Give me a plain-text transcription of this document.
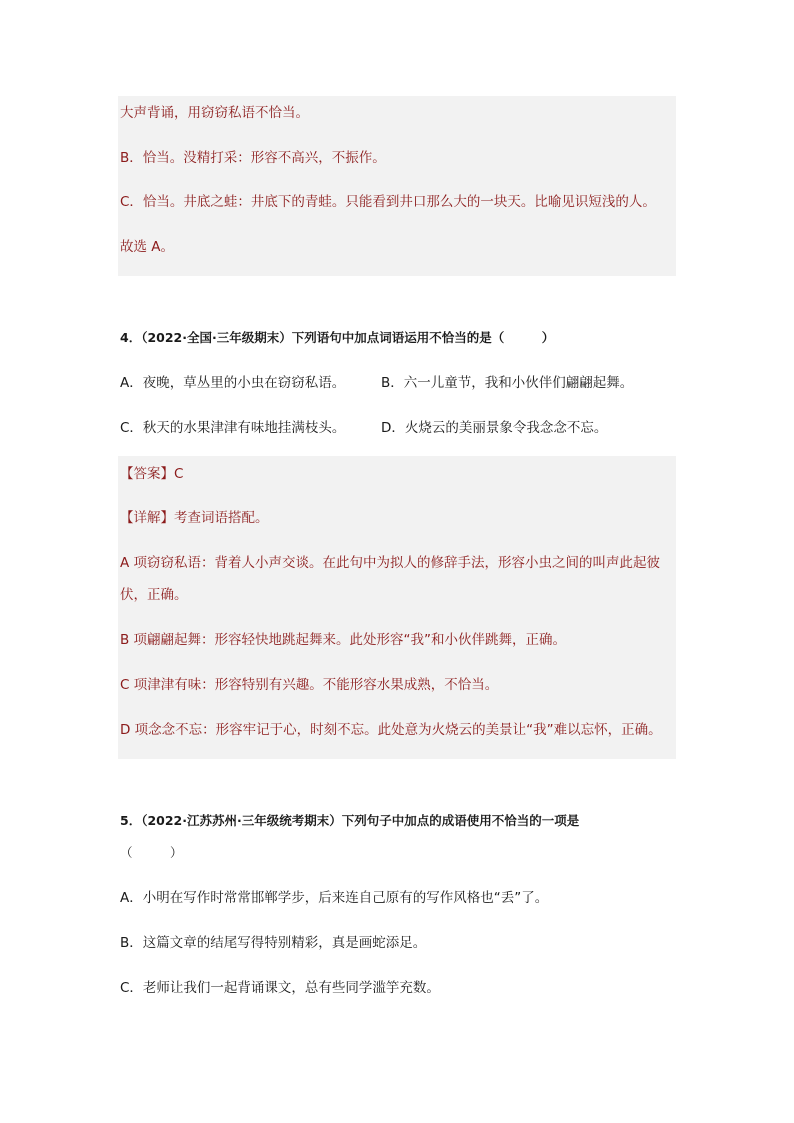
大声背诵，用窃窃私语不恰当。
B．恰当。没精打采：形容不高兴，不振作。
C．恰当。井底之蛙：井底下的青蛙。只能看到井口那么大的一块天。比喻见识短浅的人。
故选 A。
4．（2022·全国·三年级期末）下列语句中加点词语运用不恰当的是（　　　）
A．夜晚，草丛里的小虫在窃窃私语。	B．六一儿童节，我和小伙伴们翩翩起舞。
C．秋天的水果津津有味地挂满枝头。	D．火烧云的美丽景象令我念念不忘。
【答案】C
【详解】考查词语搭配。
A 项窃窃私语：背着人小声交谈。在此句中为拟人的修辞手法，形容小虫之间的叫声此起彼
伏，正确。
B 项翩翩起舞：形容轻快地跳起舞来。此处形容“我”和小伙伴跳舞，正确。
C 项津津有味：形容特别有兴趣。不能形容水果成熟，不恰当。
D 项念念不忘：形容牢记于心，时刻不忘。此处意为火烧云的美景让“我”难以忘怀，正确。
5．（2022·江苏苏州·三年级统考期末）下列句子中加点的成语使用不恰当的一项是
（　　　）
A．小明在写作时常常邯郸学步，后来连自己原有的写作风格也“丢”了。
B．这篇文章的结尾写得特别精彩，真是画蛇添足。
C．老师让我们一起背诵课文，总有些同学滥竽充数。
